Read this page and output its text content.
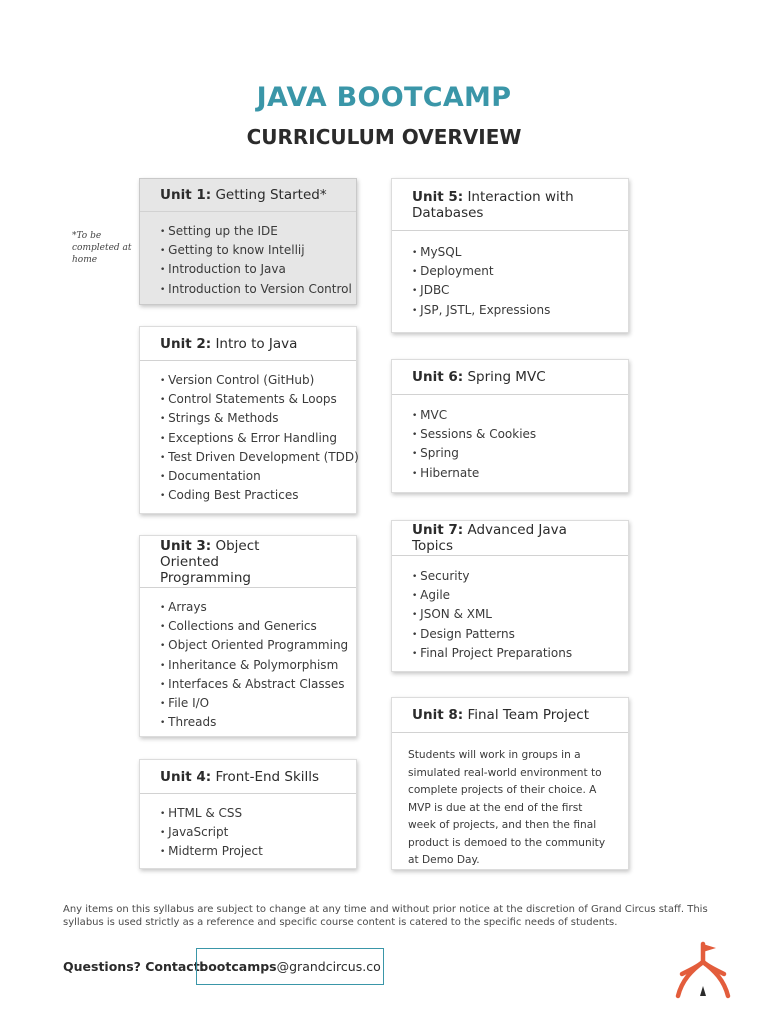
JAVA BOOTCAMP
CURRICULUM OVERVIEW
*To be completed at home
Unit 1: Getting Started*
• Setting up the IDE
• Getting to know Intellij
• Introduction to Java
• Introduction to Version Control
Unit 2: Intro to Java
• Version Control (GitHub)
• Control Statements & Loops
• Strings & Methods
• Exceptions & Error Handling
• Test Driven Development (TDD)
• Documentation
• Coding Best Practices
Unit 3: Object Oriented Programming
• Arrays
• Collections and Generics
• Object Oriented Programming
• Inheritance & Polymorphism
• Interfaces & Abstract Classes
• File I/O
• Threads
Unit 4: Front-End Skills
• HTML & CSS
• JavaScript
• Midterm Project
Unit 5: Interaction with Databases
• MySQL
• Deployment
• JDBC
• JSP, JSTL, Expressions
Unit 6: Spring MVC
• MVC
• Sessions & Cookies
• Spring
• Hibernate
Unit 7: Advanced Java Topics
• Security
• Agile
• JSON & XML
• Design Patterns
• Final Project Preparations
Unit 8: Final Team Project
Students will work in groups in a simulated real-world environment to complete projects of their choice. A MVP is due at the end of the first week of projects, and then the final product is demoed to the community at Demo Day.
Any items on this syllabus are subject to change at any time and without prior notice at the discretion of Grand Circus staff. This syllabus is used strictly as a reference and specific course content is catered to the specific needs of students.
Questions? Contact:
bootcamps @grandcircus.co
